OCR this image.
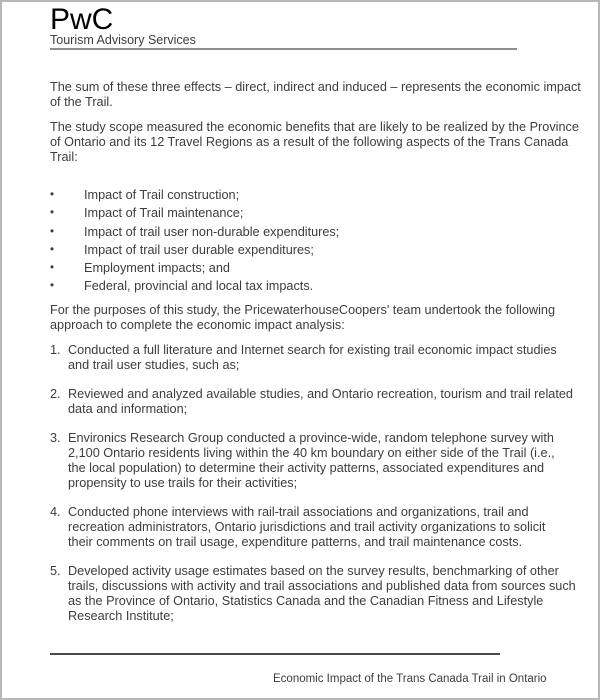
PwC
Tourism Advisory Services
The sum of these three effects – direct, indirect and induced – represents the economic impact
of the Trail.
The study scope measured the economic benefits that are likely to be realized by the Province
of Ontario and its 12 Travel Regions as a result of the following aspects of the Trans Canada
Trail:
•	Impact of Trail construction;
•	Impact of Trail maintenance;
•	Impact of trail user non-durable expenditures;
•	Impact of trail user durable expenditures;
•	Employment impacts; and
•	Federal, provincial and local tax impacts.
For the purposes of this study, the PricewaterhouseCoopers' team undertook the following
approach to complete the economic impact analysis:
1. Conducted a full literature and Internet search for existing trail economic impact studies
and trail user studies, such as;
2. Reviewed and analyzed available studies, and Ontario recreation, tourism and trail related
data and information;
3. Environics Research Group conducted a province-wide, random telephone survey with
2,100 Ontario residents living within the 40 km boundary on either side of the Trail (i.e.,
the local population) to determine their activity patterns, associated expenditures and
propensity to use trails for their activities;
4. Conducted phone interviews with rail-trail associations and organizations, trail and
recreation administrators, Ontario jurisdictions and trail activity organizations to solicit
their comments on trail usage, expenditure patterns, and trail maintenance costs.
5. Developed activity usage estimates based on the survey results, benchmarking of other
trails, discussions with activity and trail associations and published data from sources such
as the Province of Ontario, Statistics Canada and the Canadian Fitness and Lifestyle
Research Institute;
Economic Impact of the Trans Canada Trail in Ontario
